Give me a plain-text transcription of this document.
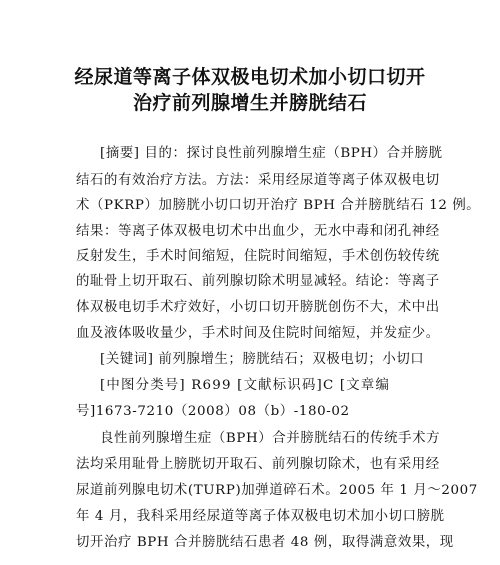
经尿道等离子体双极电切术加小切口切开
治疗前列腺增生并膀胱结石
[摘要] 目的：探讨良性前列腺增生症（BPH）合并膀胱
结石的有效治疗方法。方法：采用经尿道等离子体双极电切
术（PKRP）加膀胱小切口切开治疗 BPH 合并膀胱结石 12 例。
结果：等离子体双极电切术中出血少，无水中毒和闭孔神经
反射发生，手术时间缩短，住院时间缩短，手术创伤较传统
的耻骨上切开取石、前列腺切除术明显减轻。结论：等离子
体双极电切手术疗效好，小切口切开膀胱创伤不大，术中出
血及液体吸收量少，手术时间及住院时间缩短，并发症少。
[关键词] 前列腺增生；膀胱结石；双极电切；小切口
[中图分类号] R699 [文献标识码]C [文章编
号]1673-7210（2008）08（b）-180-02
良性前列腺增生症（BPH）合并膀胱结石的传统手术方
法均采用耻骨上膀胱切开取石、前列腺切除术，也有采用经
尿道前列腺电切术(TURP)加弹道碎石术。2005 年 1 月～2007
年 4 月，我科采用经尿道等离子体双极电切术加小切口膀胱
切开治疗 BPH 合并膀胱结石患者 48 例，取得满意效果，现
